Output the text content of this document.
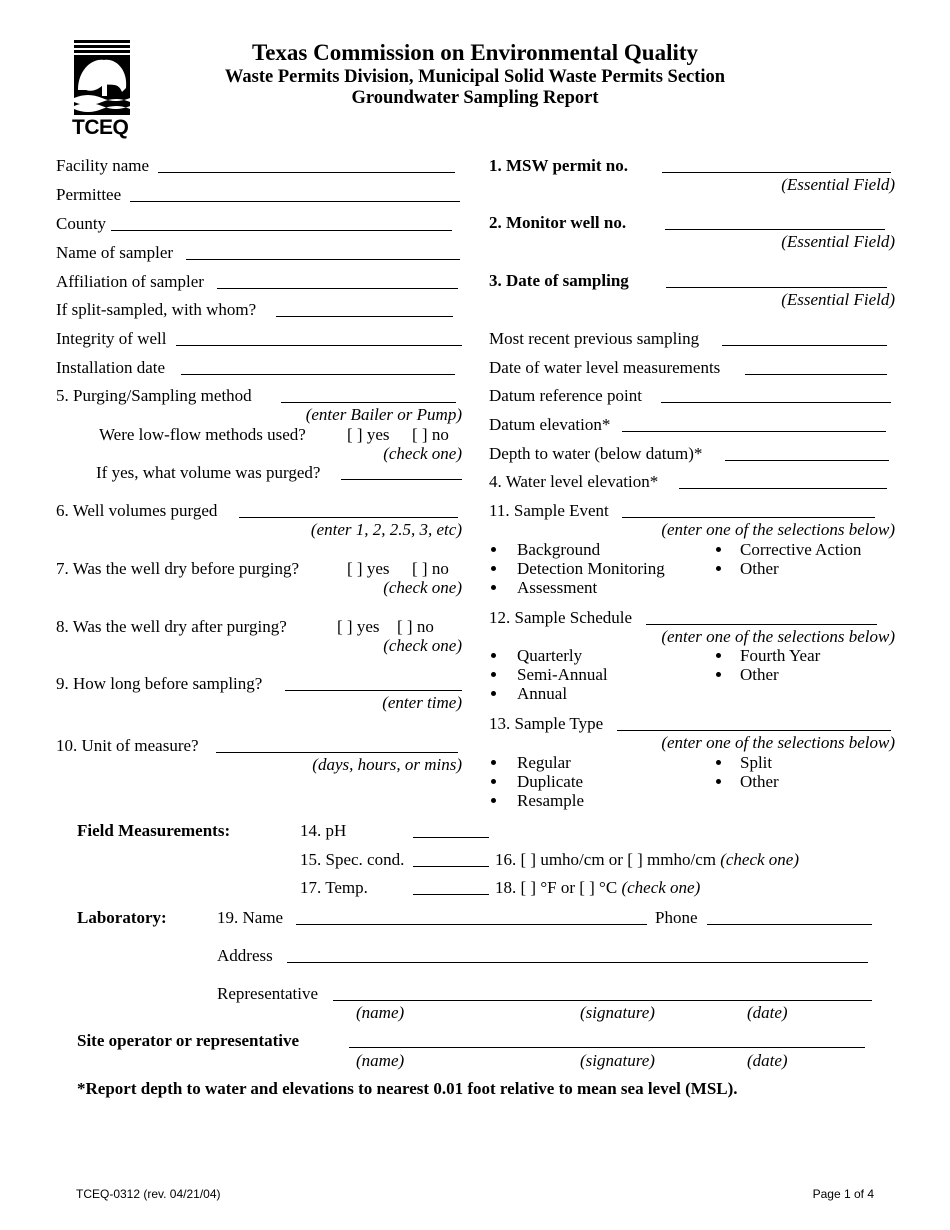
TCEQ
Texas Commission on Environmental Quality
Waste Permits Division, Municipal Solid Waste Permits Section
Groundwater Sampling Report
Facility name
Permittee
County
Name of sampler
Affiliation of sampler
If split-sampled, with whom?
Integrity of well
Installation date
5. Purging/Sampling method
(enter Bailer or Pump)
Were low-flow methods used? [ ] yes [ ] no
(check one)
If yes, what volume was purged?
6. Well volumes purged
(enter 1, 2, 2.5, 3, etc)
7. Was the well dry before purging?	[ ] yes [ ] no
(check one)
8. Was the well dry after purging?	[ ] yes [ ] no
(check one)
9. How long before sampling?
(enter time)
10. Unit of measure?
(days, hours, or mins)
1. MSW permit no.
(Essential Field)
2. Monitor well no.
(Essential Field)
3. Date of sampling
(Essential Field)
Most recent previous sampling
Date of water level measurements
Datum reference point
Datum elevation*
Depth to water (below datum)*
4. Water level elevation*
11. Sample Event
(enter one of the selections below)
Background
Detection Monitoring
Assessment
Corrective Action
Other
12. Sample Schedule
(enter one of the selections below)
Quarterly
Semi-Annual
Annual
Fourth Year
Other
13. Sample Type
(enter one of the selections below)
Regular
Duplicate
Resample
Split
Other
Field Measurements:	14. pH
15. Spec. cond.	16. [ ] umho/cm or [ ] mmho/cm (check one)
17. Temp.	18. [ ] °F or [ ] °C (check one)
Laboratory:	19. Name	Phone
Address
Representative
(name)	(signature)	(date)
Site operator or representative
(name)	(signature)	(date)
*Report depth to water and elevations to nearest 0.01 foot relative to mean sea level (MSL).
TCEQ-0312 (rev. 04/21/04)	Page 1 of 4
